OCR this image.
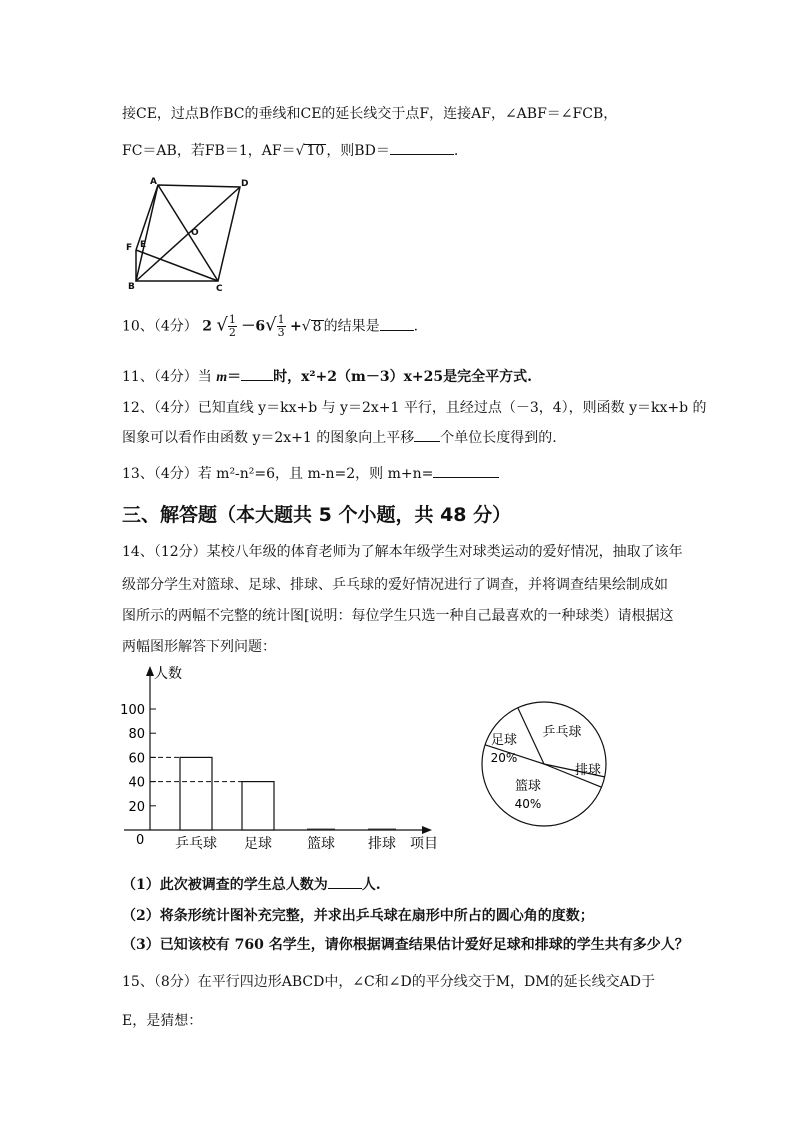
接CE，过点B作BC的垂线和CE的延长线交于点F，连接AF，∠ABF＝∠FCB，
FC＝AB，若FB＝1，AF＝√ 10 ，则BD＝	.
A	D
F E
O
B	C
10、（4分） 2 √ $\frac{1}{2} -6√ \frac{1}{3}$ +√ 8 的结果是 .
11、（4分）当 m＝ 时，x²+2（m－3）x+25是完全平方式.
12、（4分）已知直线 y＝kx+b 与 y＝2x+1 平行，且经过点（－3，4），则函数 y＝kx+b 的
图象可以看作由函数 y＝2x+1 的图象向上平移 个单位长度得到的.
13、（4分）若 m²-n²=6，且 m-n=2，则 m+n=
三、解答题（本大题共 5 个小题，共 48 分）
14、（12分）某校八年级的体育老师为了解本年级学生对球类运动的爱好情况，抽取了该年
级部分学生对篮球、足球、排球、乒乓球的爱好情况进行了调查，并将调查结果绘制成如
图所示的两幅不完整的统计图[说明：每位学生只选一种自己最喜欢的一种球类）请根据这
两幅图形解答下列问题：
人数
项目
0
20
40
60
80
100
乒乓球 足球	篮球 排球
乒乓球
排球
篮球
40%
足球
20%
（1）此次被调查的学生总人数为 人.
（2）将条形统计图补充完整，并求出乒乓球在扇形中所占的圆心角的度数；
（3）已知该校有 760 名学生，请你根据调查结果估计爱好足球和排球的学生共有多少人？
15、（8分）在平行四边形ABCD中，∠C和∠D的平分线交于M，DM的延长线交AD于
E，是猜想：
